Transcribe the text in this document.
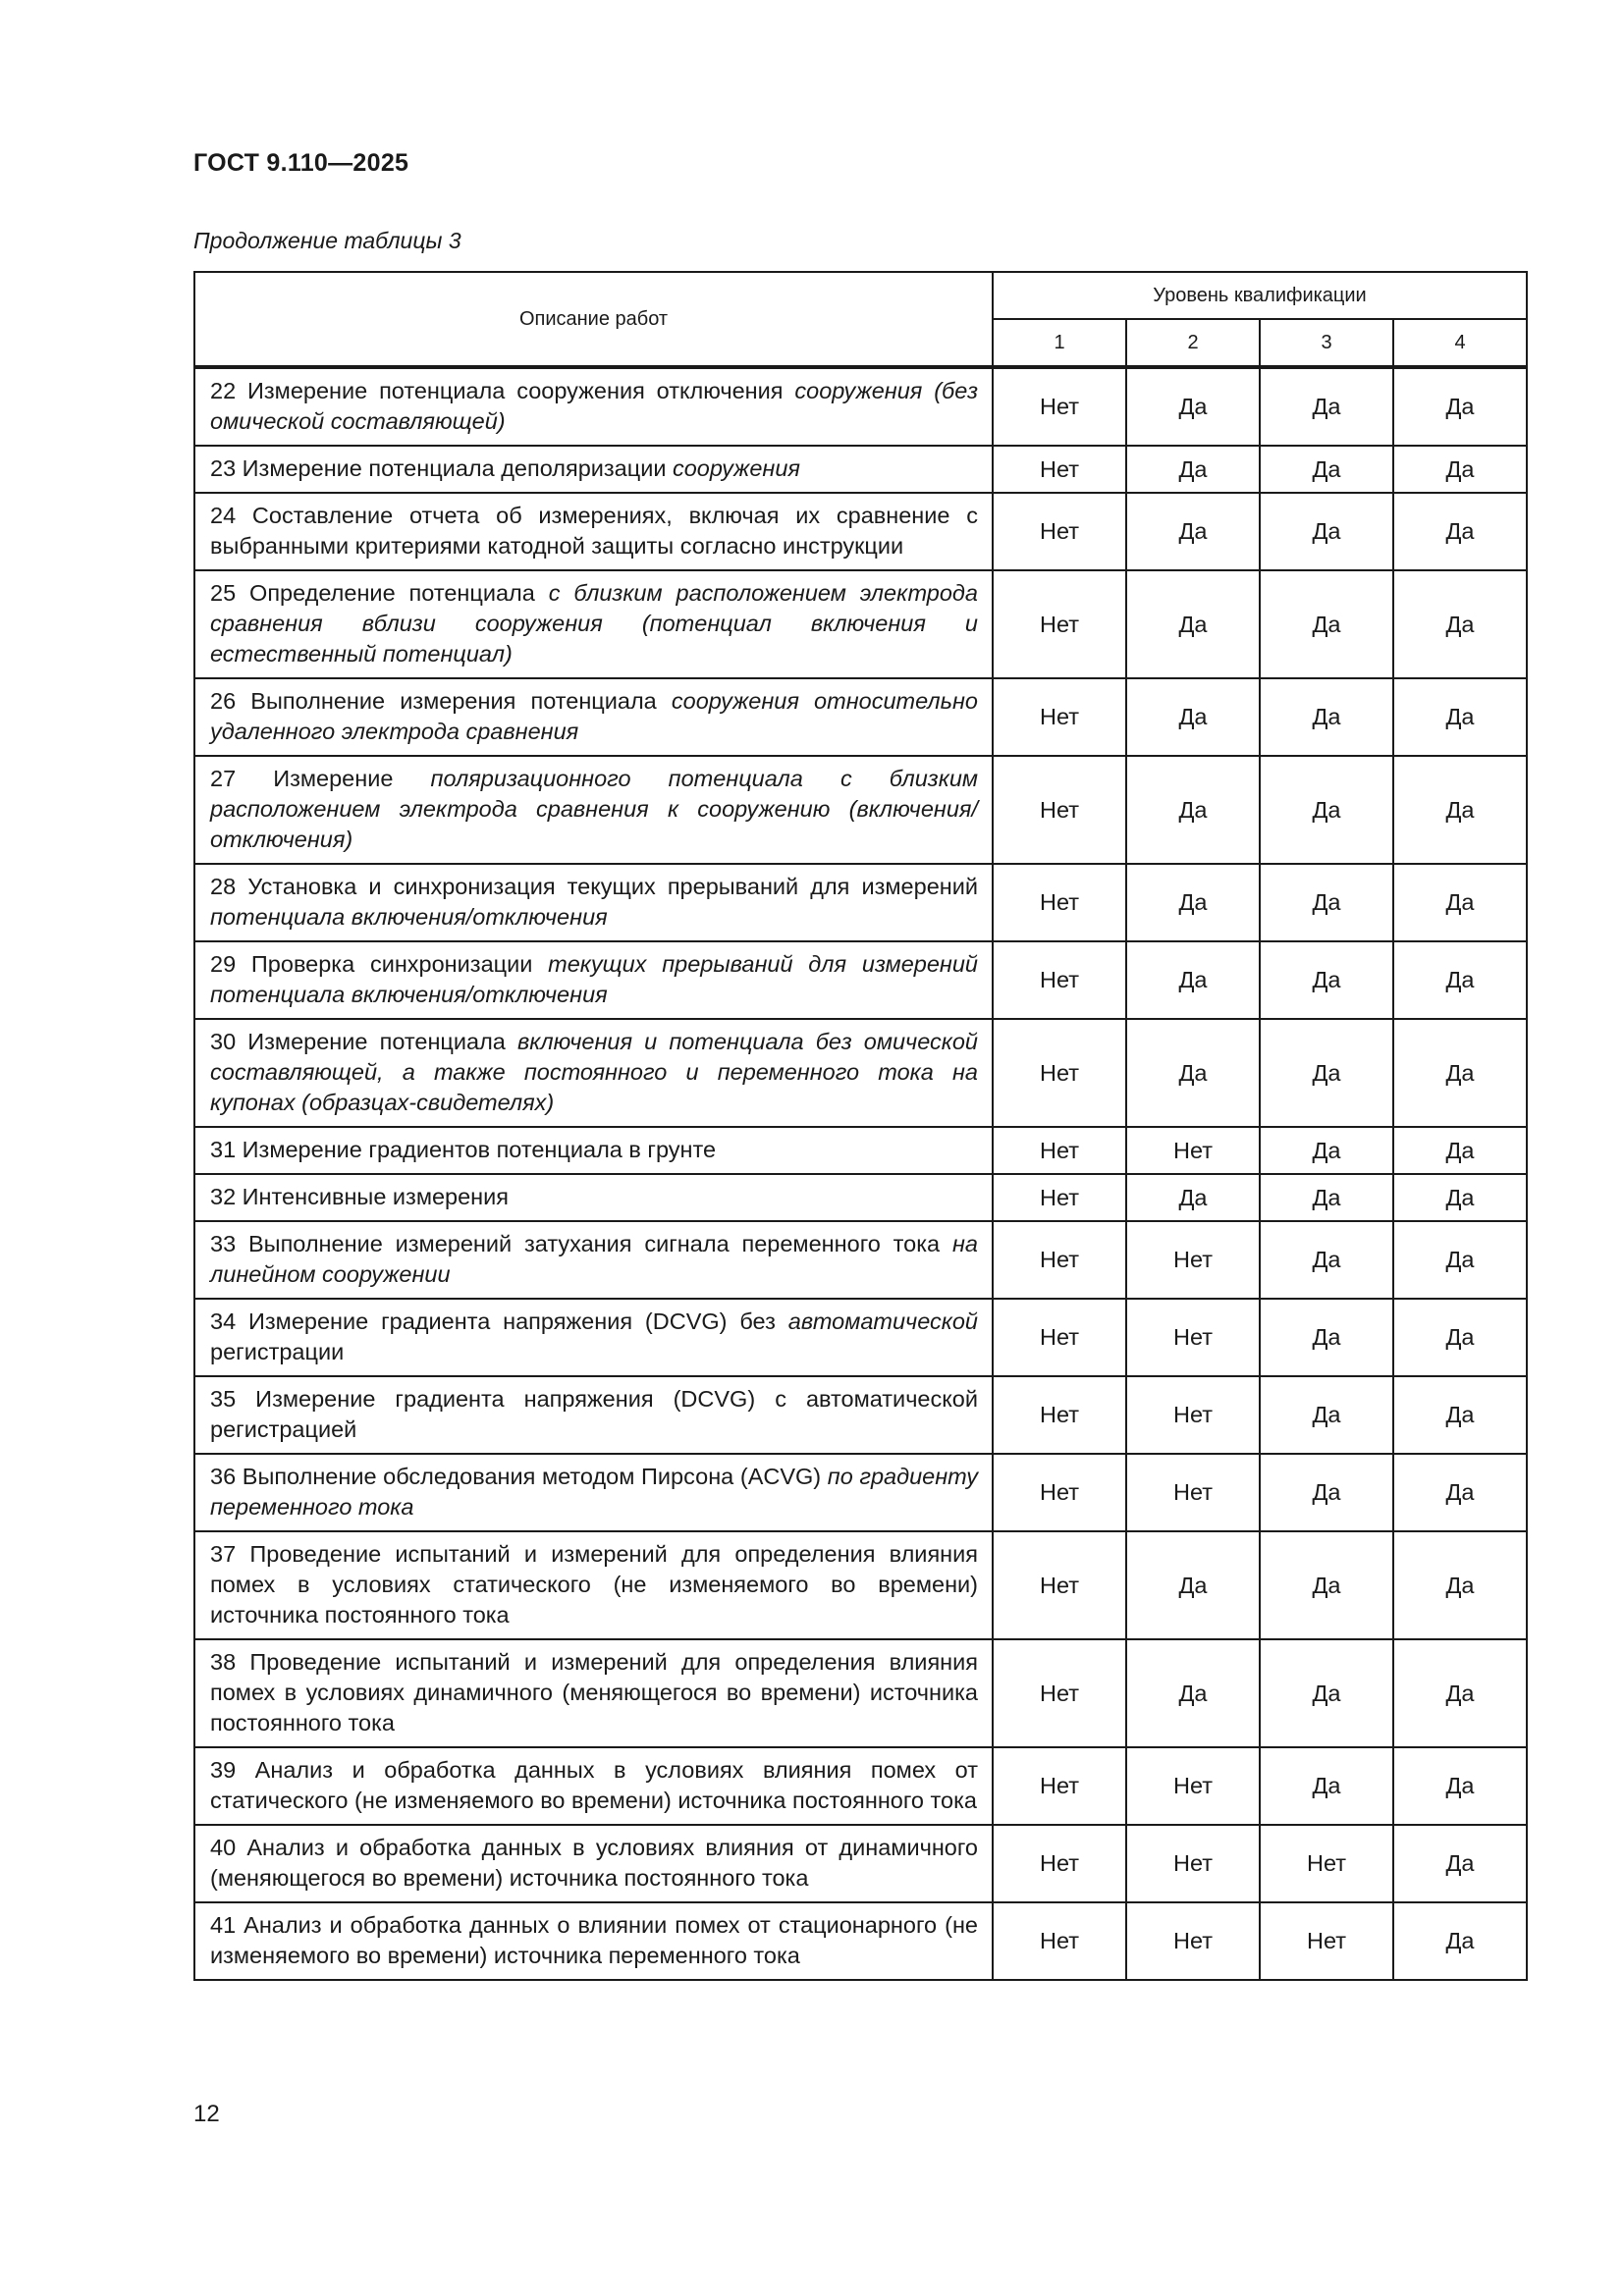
ГОСТ 9.110—2025
Продолжение таблицы 3
Описание работ	Уровень квалификации			
	1	2	3	4
22 Измерение потенциала сооружения отключения сооружения (без омической составляющей)	Нет	Да	Да	Да
23 Измерение потенциала деполяризации сооружения	Нет	Да	Да	Да
24 Составление отчета об измерениях, включая их сравнение с выбранными критериями катодной защиты согласно инструкции	Нет	Да	Да	Да
25 Определение потенциала с близким расположением электрода сравнения вблизи сооружения (потенциал включения и естественный потенциал)	Нет	Да	Да	Да
26 Выполнение измерения потенциала сооружения относительно удаленного электрода сравнения	Нет	Да	Да	Да
27 Измерение поляризационного потенциала с близким расположением электрода сравнения к сооружению (включения/отключения)	Нет	Да	Да	Да
28 Установка и синхронизация текущих прерываний для измерений потенциала включения/отключения	Нет	Да	Да	Да
29 Проверка синхронизации текущих прерываний для измерений потенциала включения/отключения	Нет	Да	Да	Да
30 Измерение потенциала включения и потенциала без омической составляющей, а также постоянного и переменного тока на купонах (образцах-свидетелях)	Нет	Да	Да	Да
31 Измерение градиентов потенциала в грунте	Нет	Нет	Да	Да
32 Интенсивные измерения	Нет	Да	Да	Да
33 Выполнение измерений затухания сигнала переменного тока на линейном сооружении	Нет	Нет	Да	Да
34 Измерение градиента напряжения (DCVG) без автоматической регистрации	Нет	Нет	Да	Да
35 Измерение градиента напряжения (DCVG) с автоматической регистрацией	Нет	Нет	Да	Да
36 Выполнение обследования методом Пирсона (ACVG) по градиенту переменного тока	Нет	Нет	Да	Да
37 Проведение испытаний и измерений для определения влияния помех в условиях статического (не изменяемого во времени) источника постоянного тока	Нет	Да	Да	Да
38 Проведение испытаний и измерений для определения влияния помех в условиях динамичного (меняющегося во времени) источника постоянного тока	Нет	Да	Да	Да
39 Анализ и обработка данных в условиях влияния помех от статического (не изменяемого во времени) источника постоянного тока	Нет	Нет	Да	Да
40 Анализ и обработка данных в условиях влияния от динамичного (меняющегося во времени) источника постоянного тока	Нет	Нет	Нет	Да
41 Анализ и обработка данных о влиянии помех от стационарного (не изменяемого во времени) источника переменного тока	Нет	Нет	Нет	Да
12
